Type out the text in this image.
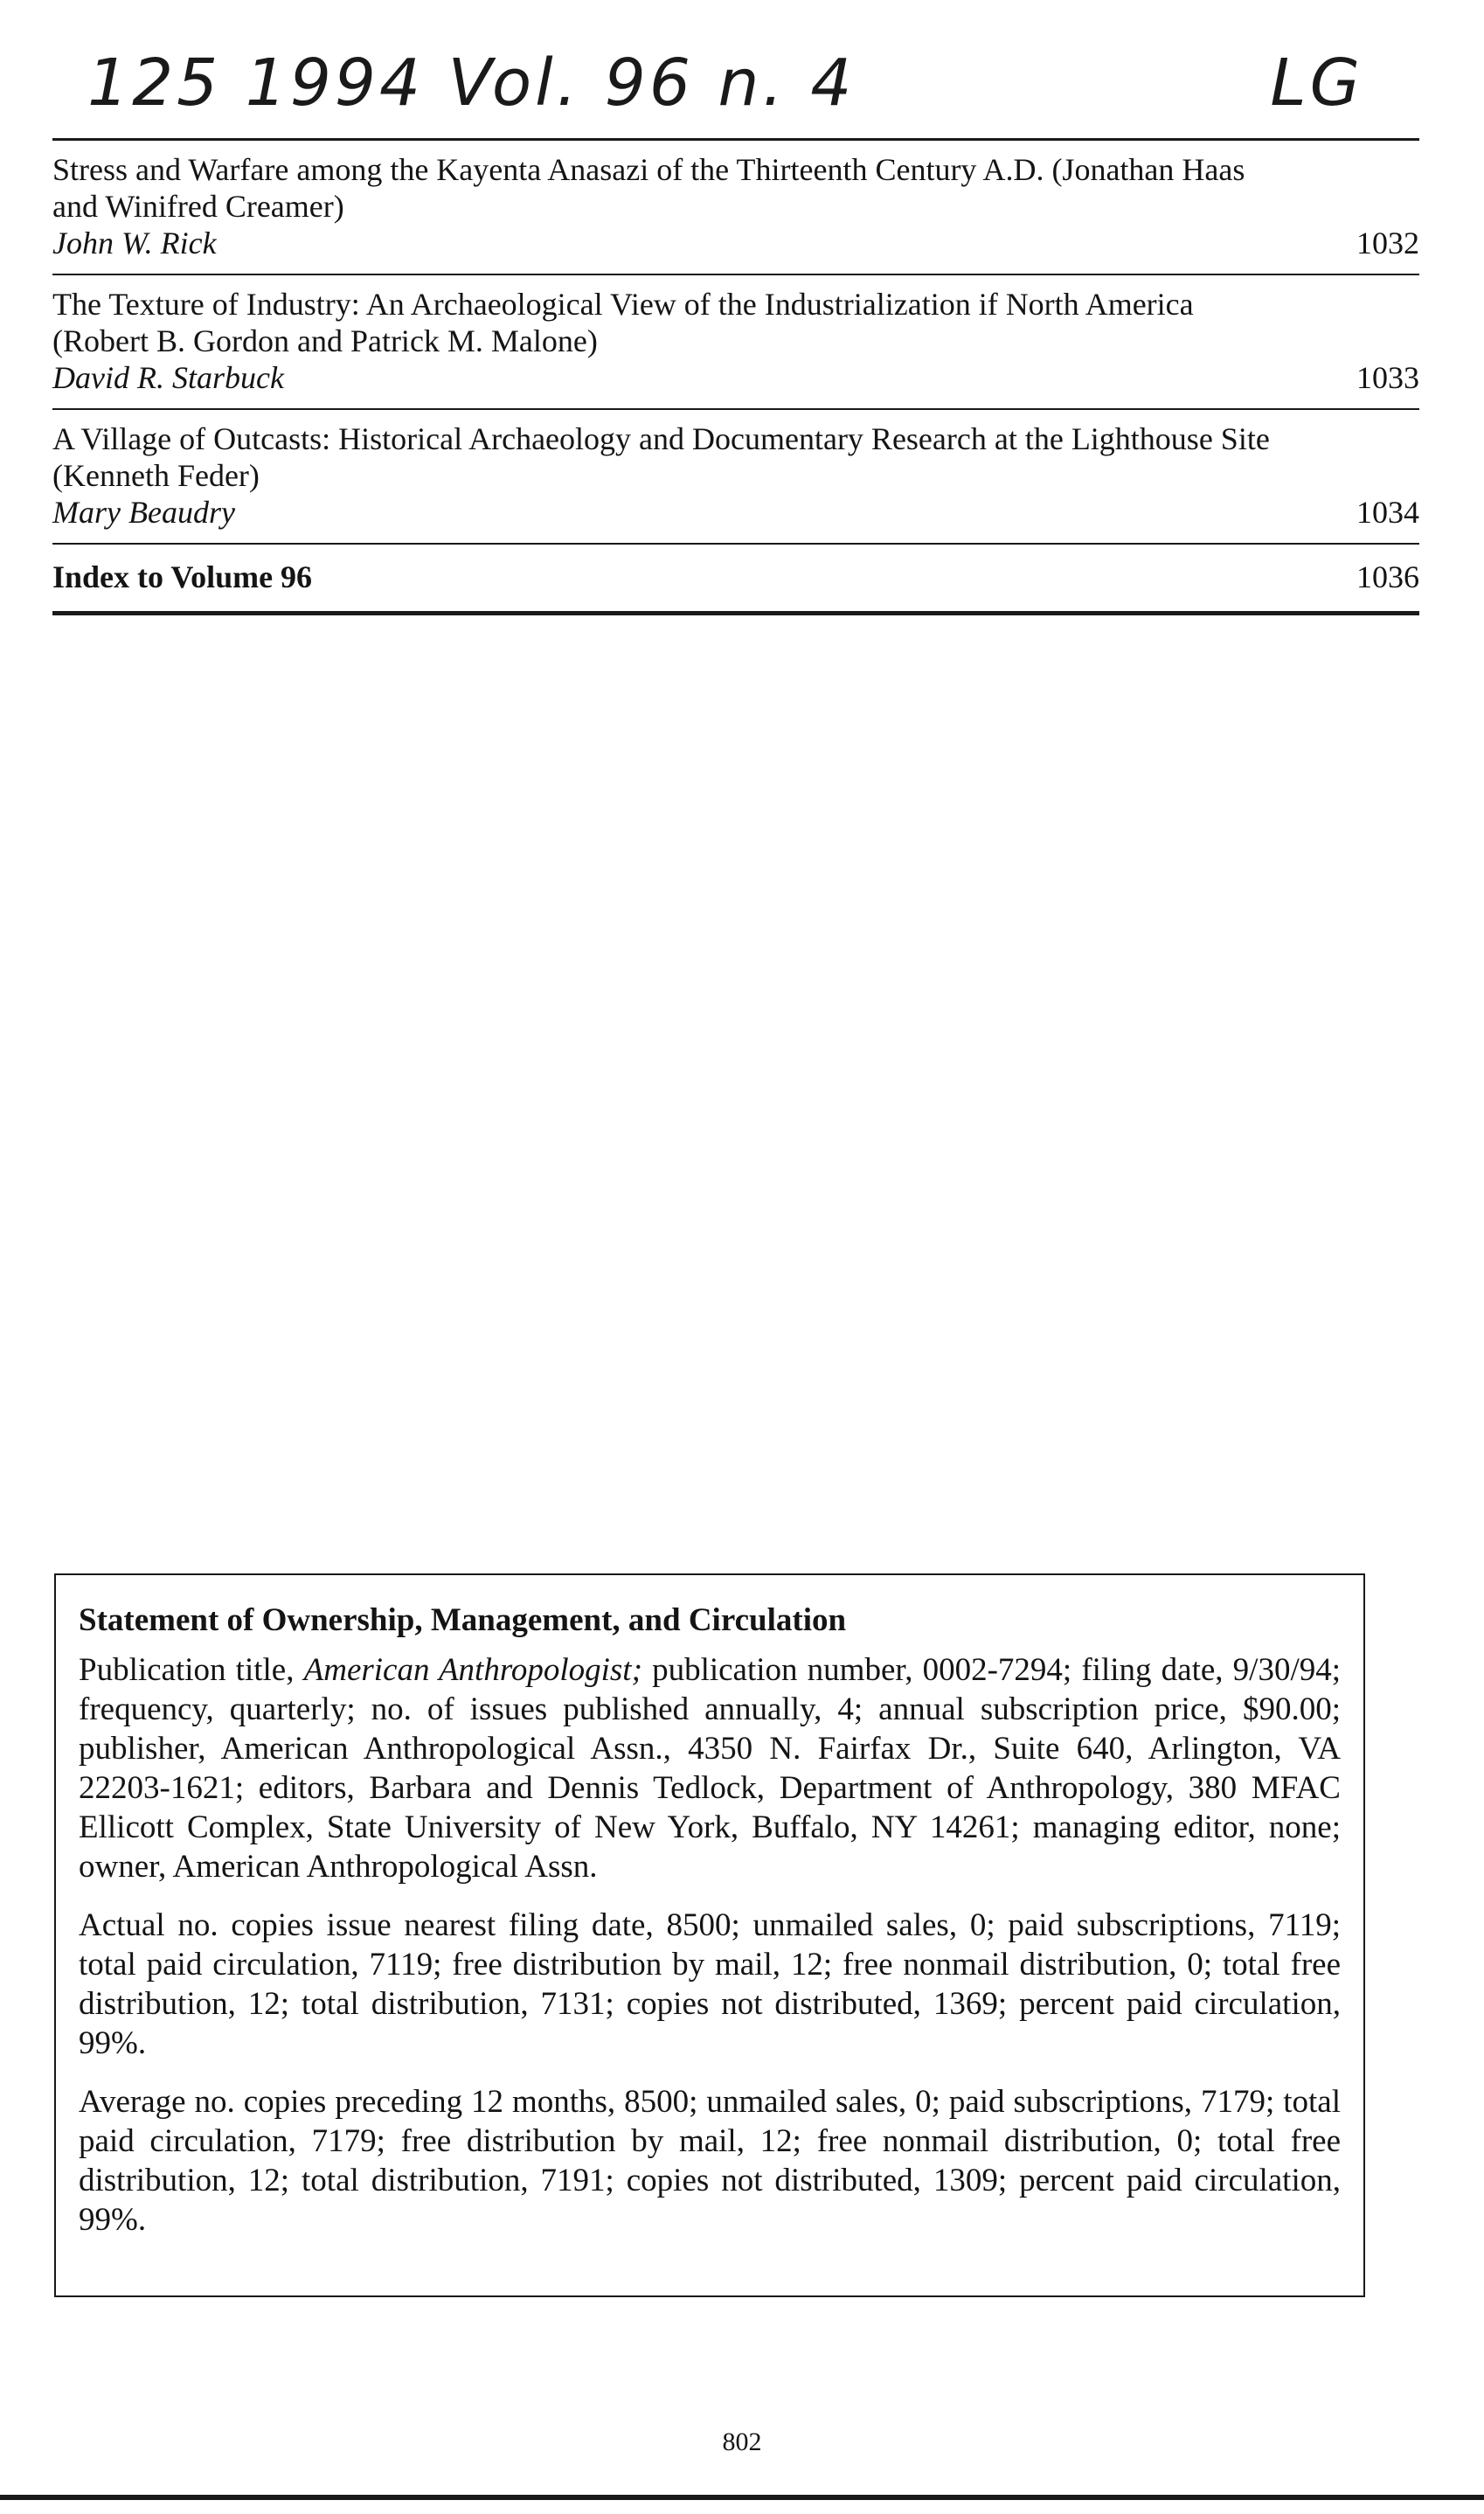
125 1994 Vol. 96 n. 4	LG
Stress and Warfare among the Kayenta Anasazi of the Thirteenth Century A.D. (Jonathan Haas and Winifred Creamer)
John W. Rick	1032
The Texture of Industry: An Archaeological View of the Industrialization if North America (Robert B. Gordon and Patrick M. Malone)
David R. Starbuck	1033
A Village of Outcasts: Historical Archaeology and Documentary Research at the Lighthouse Site (Kenneth Feder)
Mary Beaudry	1034
Index to Volume 96	1036
Statement of Ownership, Management, and Circulation

Publication title, American Anthropologist; publication number, 0002-7294; filing date, 9/30/94; frequency, quarterly; no. of issues published annually, 4; annual subscription price, $90.00; publisher, American Anthropological Assn., 4350 N. Fairfax Dr., Suite 640, Arlington, VA 22203-1621; editors, Barbara and Dennis Tedlock, Department of Anthropology, 380 MFAC Ellicott Complex, State University of New York, Buffalo, NY 14261; managing editor, none; owner, American Anthropological Assn.

Actual no. copies issue nearest filing date, 8500; unmailed sales, 0; paid subscriptions, 7119; total paid circulation, 7119; free distribution by mail, 12; free nonmail distribution, 0; total free distribution, 12; total distribution, 7131; copies not distributed, 1369; percent paid circulation, 99%.

Average no. copies preceding 12 months, 8500; unmailed sales, 0; paid subscriptions, 7179; total paid circulation, 7179; free distribution by mail, 12; free nonmail distribution, 0; total free distribution, 12; total distribution, 7191; copies not distributed, 1309; percent paid circulation, 99%.

802
